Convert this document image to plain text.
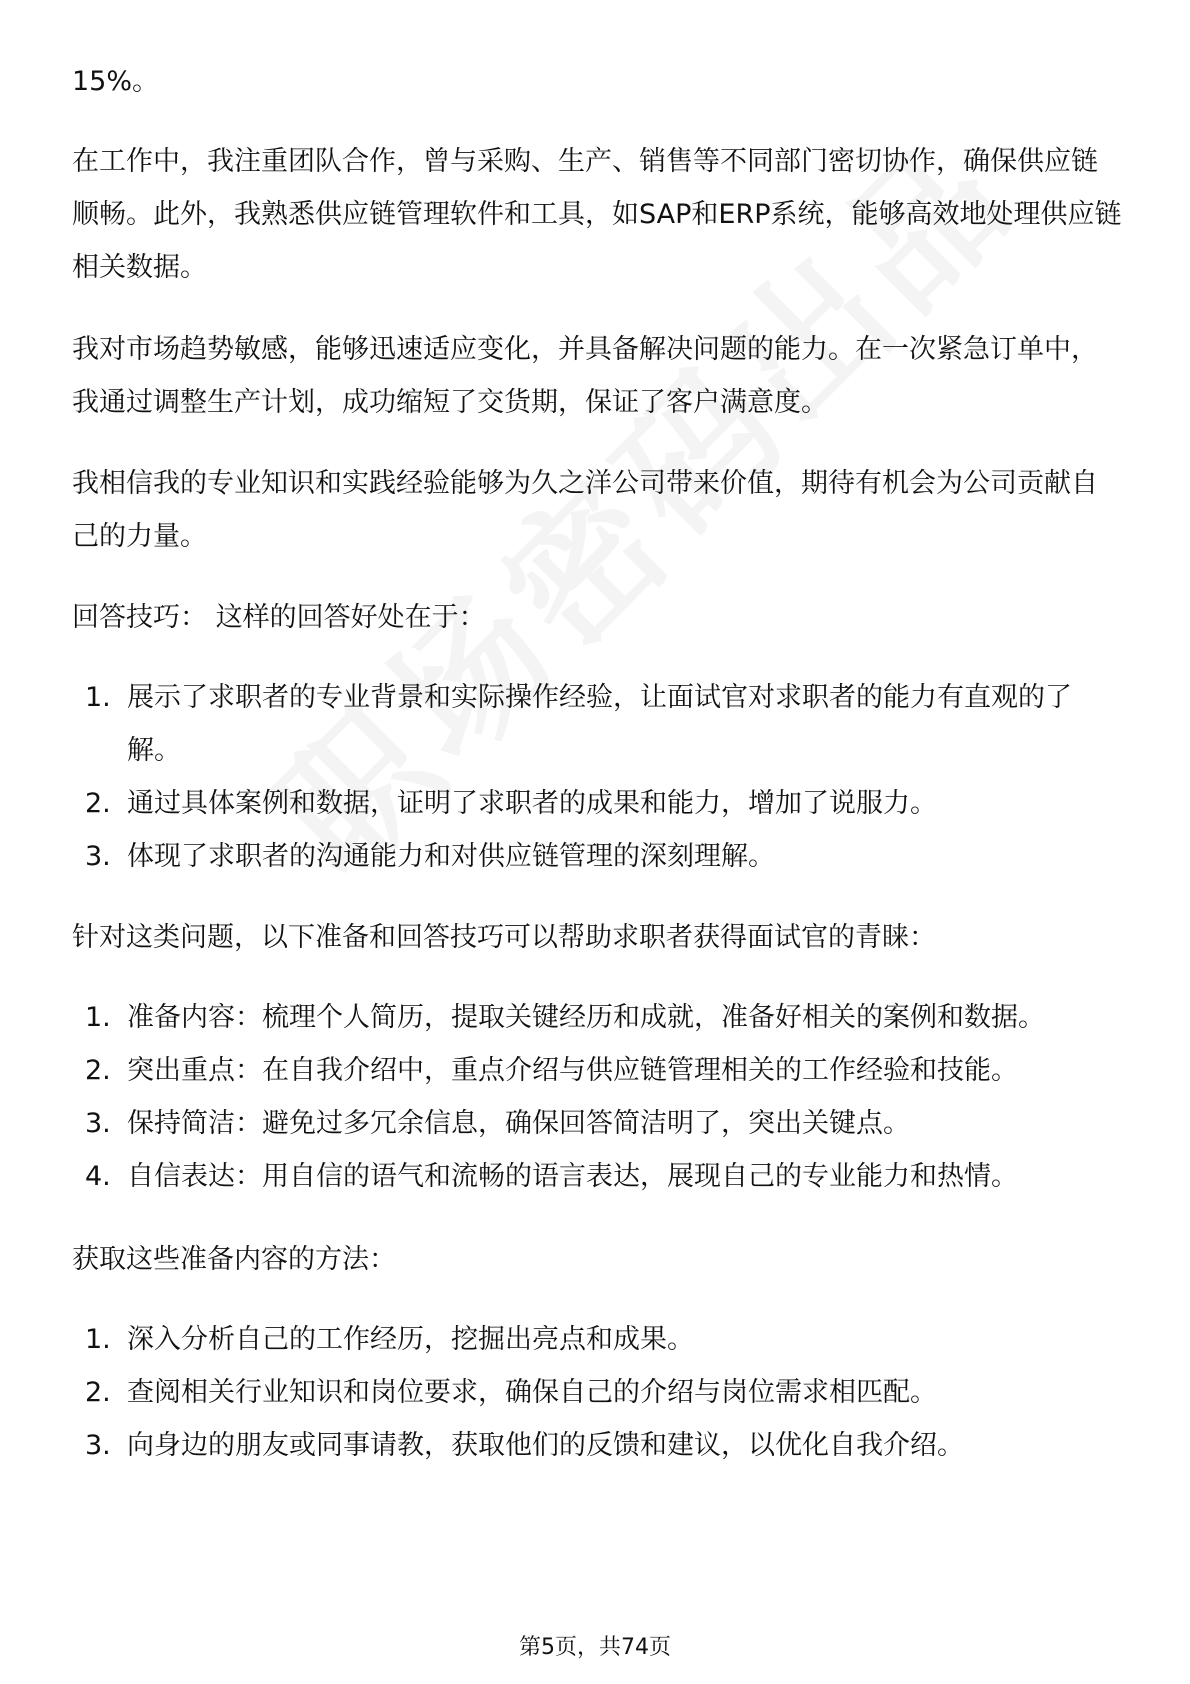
15%。

在工作中，我注重团队合作，曾与采购、生产、销售等不同部门密切协作，确保供应链顺畅。此外，我熟悉供应链管理软件和工具，如SAP和ERP系统，能够高效地处理供应链相关数据。

我对市场趋势敏感，能够迅速适应变化，并具备解决问题的能力。在一次紧急订单中，我通过调整生产计划，成功缩短了交货期，保证了客户满意度。

我相信我的专业知识和实践经验能够为久之洋公司带来价值，期待有机会为公司贡献自己的力量。

回答技巧： 这样的回答好处在于：

1. 展示了求职者的专业背景和实际操作经验，让面试官对求职者的能力有直观的了解。
2. 通过具体案例和数据，证明了求职者的成果和能力，增加了说服力。
3. 体现了求职者的沟通能力和对供应链管理的深刻理解。

针对这类问题，以下准备和回答技巧可以帮助求职者获得面试官的青睐：

1. 准备内容：梳理个人简历，提取关键经历和成就，准备好相关的案例和数据。
2. 突出重点：在自我介绍中，重点介绍与供应链管理相关的工作经验和技能。
3. 保持简洁：避免过多冗余信息，确保回答简洁明了，突出关键点。
4. 自信表达：用自信的语气和流畅的语言表达，展现自己的专业能力和热情。

获取这些准备内容的方法：

1. 深入分析自己的工作经历，挖掘出亮点和成果。
2. 查阅相关行业知识和岗位要求，确保自己的介绍与岗位需求相匹配。
3. 向身边的朋友或同事请教，获取他们的反馈和建议，以优化自我介绍。
第5页，共74页
